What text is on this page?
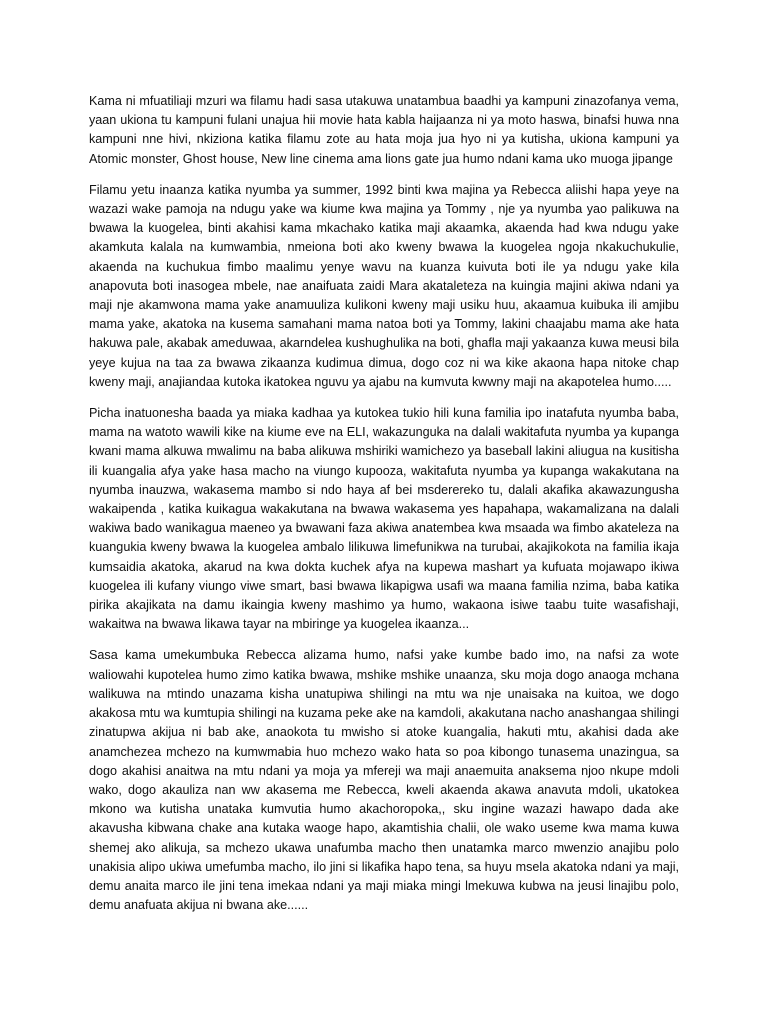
Kama ni mfuatiliaji mzuri wa filamu hadi sasa utakuwa unatambua baadhi ya kampuni zinazofanya vema, yaan ukiona tu kampuni fulani unajua hii movie hata kabla haijaanza ni ya moto haswa, binafsi huwa nna kampuni nne hivi, nkiziona katika filamu zote au hata moja jua hyo ni ya kutisha, ukiona kampuni ya Atomic monster, Ghost house, New line cinema ama lions gate jua humo ndani kama uko muoga jipange

Filamu yetu inaanza katika nyumba ya summer, 1992 binti kwa majina ya Rebecca aliishi hapa yeye na wazazi wake pamoja na ndugu yake wa kiume kwa majina ya Tommy , nje ya nyumba yao palikuwa na bwawa la kuogelea, binti akahisi kama mkachako katika maji akaamka, akaenda had kwa ndugu yake akamkuta kalala na kumwambia, nmeiona boti ako kweny bwawa la kuogelea ngoja nkakuchukulie, akaenda na kuchukua fimbo maalimu yenye wavu na kuanza kuivuta boti ile ya ndugu yake kila anapovuta boti inasogea mbele, nae anaifuata zaidi Mara akataleteza na kuingia majini akiwa ndani ya maji nje akamwona mama yake anamuuliza kulikoni kweny maji usiku huu, akaamua kuibuka ili amjibu mama yake, akatoka na kusema samahani mama natoa boti ya Tommy, lakini chaajabu mama ake hata hakuwa pale, akabak ameduwaa, akarndelea kushughulika na boti, ghafla maji yakaanza kuwa meusi bila yeye kujua na taa za bwawa zikaanza kudimua dimua, dogo coz ni wa kike akaona hapa nitoke chap kweny maji, anajiandaa kutoka ikatokea nguvu ya ajabu na kumvuta kwwny maji na akapotelea humo.....

Picha inatuonesha baada ya miaka kadhaa ya kutokea tukio hili kuna familia ipo inatafuta nyumba baba, mama na watoto wawili kike na kiume eve na ELI, wakazunguka na dalali wakitafuta nyumba ya kupanga kwani mama alkuwa mwalimu na baba alikuwa mshiriki wamichezo ya baseball lakini aliugua na kusitisha ili kuangalia afya yake hasa macho na viungo kupooza, wakitafuta nyumba ya kupanga wakakutana na nyumba inauzwa, wakasema mambo si ndo haya af bei msderereko tu, dalali akafika akawazungusha wakaipenda , katika kuikagua wakakutana na bwawa wakasema yes hapahapa, wakamalizana na dalali wakiwa bado wanikagua maeneo ya bwawani faza akiwa anatembea kwa msaada wa fimbo akateleza na kuangukia kweny bwawa la kuogelea ambalo lilikuwa limefunikwa na turubai, akajikokota na familia ikaja kumsaidia akatoka, akarud na kwa dokta kuchek afya na kupewa mashart ya kufuata mojawapo ikiwa kuogelea ili kufany viungo viwe smart, basi bwawa likapigwa usafi wa maana familia nzima, baba katika pirika akajikata na damu ikaingia kweny mashimo ya humo, wakaona isiwe taabu tuite wasafishaji, wakaitwa na bwawa likawa tayar na mbiringe ya kuogelea ikaanza...

Sasa kama umekumbuka Rebecca alizama humo, nafsi yake kumbe bado imo, na nafsi za wote waliowahi kupotelea humo zimo katika bwawa, mshike mshike unaanza, sku moja dogo anaoga mchana walikuwa na mtindo unazama kisha unatupiwa shilingi na mtu wa nje unaisaka na kuitoa, we dogo akakosa mtu wa kumtupia shilingi na kuzama peke ake na kamdoli, akakutana nacho anashangaa shilingi zinatupwa akijua ni bab ake, anaokota tu mwisho si atoke kuangalia, hakuti mtu, akahisi dada ake anamchezea mchezo na kumwmabia huo mchezo wako hata so poa kibongo tunasema unazingua, sa dogo akahisi anaitwa na mtu ndani ya moja ya mfereji wa maji anaemuita anaksema njoo nkupe mdoli wako, dogo akauliza nan ww akasema me Rebecca, kweli akaenda akawa anavuta mdoli, ukatokea mkono wa kutisha unataka kumvutia humo akachoropoka,, sku ingine wazazi hawapo dada ake akavusha kibwana chake ana kutaka waoge hapo, akamtishia chalii, ole wako useme kwa mama kuwa shemej ako alikuja, sa mchezo ukawa unafumba macho then unatamka marco mwenzio anajibu polo unakisia alipo ukiwa umefumba macho, ilo jini si likafika hapo tena, sa huyu msela akatoka ndani ya maji, demu anaita marco ile jini tena imekaa ndani ya maji miaka mingi lmekuwa kubwa na jeusi linajibu polo, demu anafuata akijua ni bwana ake......
